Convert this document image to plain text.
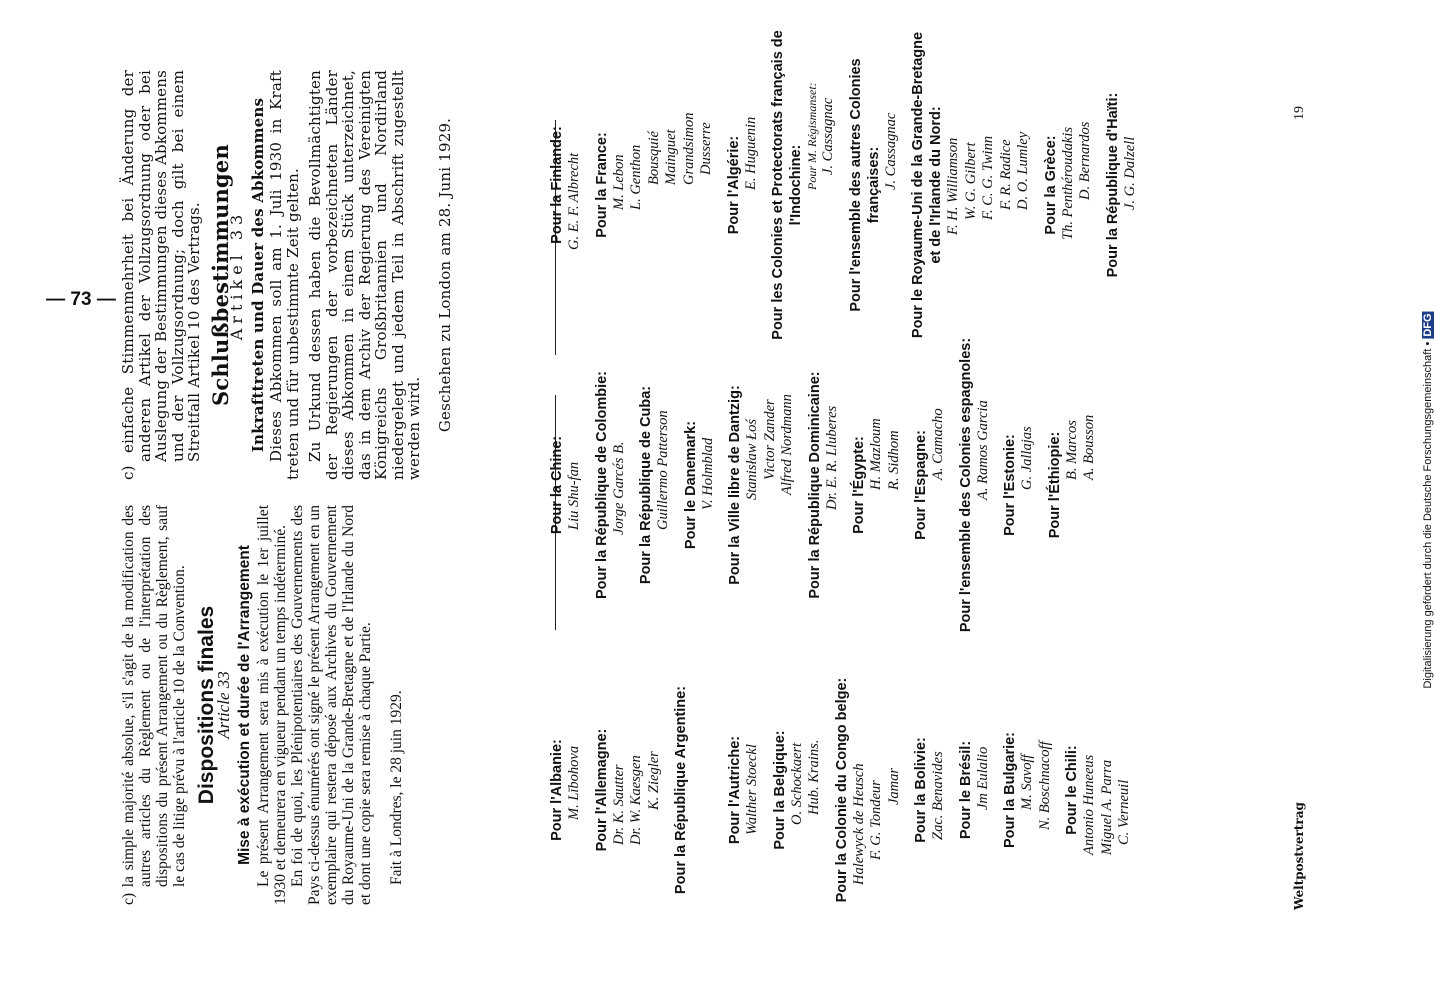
— 73 —

c) la simple majorité absolue, s'il s'agit de la modification des autres articles du Règlement ou de l'interprétation des dispositions du présent Arrangement ou du Règlement, sauf le cas de litige prévu à l'article 10 de la Convention. Dispositions finales
Article 33 Mise à exécution et durée de l'Arrangement Le présent Arrangement sera mis à exécution le 1er juillet 1930 et demeurera en vigueur pendant un temps indéterminé. En foi de quoi, les Plénipotentiaires des Gouvernements des Pays ci-dessus énumérés ont signé le présent Arrangement en un exemplaire qui restera déposé aux Archives du Gouvernement du Royaume-Uni de la Grande-Bretagne et de l'Irlande du Nord et dont une copie sera remise à chaque Partie. Fait à Londres, le 28 juin 1929.

c) einfache Stimmenmehrheit bei Änderung der anderen Artikel der Vollzugsordnung oder bei Auslegung der Bestimmungen dieses Abkommens und der Vollzugsordnung; doch gilt bei einem Streitfall Artikel 10 des Vertrags. Schlußbestimmungen
Artikel 33 Inkrafttreten und Dauer des Abkommens Dieses Abkommen soll am 1. Juli 1930 in Kraft treten und für unbestimmte Zeit gelten. Zu Urkund dessen haben die Bevollmächtigten der Regierungen der vorbezeichneten Länder dieses Abkommen in einem Stück unterzeichnet, das in dem Archiv der Regierung des Vereinigten Königreichs Großbritannien und Nordirland niedergelegt und jedem Teil in Abschrift zugestellt werden wird. Geschehen zu London am 28. Juni 1929.

Pour l'Albanie: M. Lībohova Pour l'Allemagne: Dr. K. Sautter Dr. W. Kaesgen K. Ziegler Pour la République Argentine:	Pour l'Autriche: Walther Stoeckl Pour la Belgique: O. Schockaert Hub. Krains. Pour la Colonie du Congo belge: Halewyck de Heusch F. G. Tondeur Jamar Pour la Bolivie: Zac. Benavides Pour le Brésil: Jm Eulalio Pour la Bulgarie: M. Savoff N. Boschnacoff Pour le Chili: Antonio Huneeus Miguel A. Parra C. Verneuil
Pour la Chine: Liu Shu-fan Pour la République de Colombie: Jorge Garcés B. Pour la République de Cuba: Guillermo Patterson Pour le Danemark: V. Holmblad Pour la Ville libre de Dantzig: Stanisław Łoś Victor Zander Alfred Nordmann Pour la République Dominicaine: Dr. E. R. Lluberes Pour l'Égypte: H. Mazloum R. Sidhom Pour l'Espagne: A. Camacho Pour l'ensemble des Colonies espagnoles: A. Ramos Garcia Pour l'Estonie: G. Jallajas Pour l'Éthiopie: B. Marcos A. Bousson
Pour la Finlande: G. E. F. Albrecht Pour la France: M. Lebon L. Genthon Bousquié Mainguet Grandsimon Dusserre Pour l'Algérie: E. Huguenin Pour les Colonies et Protectorats français de l'Indochine: Pour M. Régismanset: J. Cassagnac Pour l'ensemble des autres Colonies françaises: J. Cassagnac Pour le Royaume-Uni de la Grande-Bretagne et de l'Irlande du Nord: F. H. Williamson W. G. Gilbert F. C. G. Twinn F. R. Radice D. O. Lumley Pour la Grèce: Th. Penthéroudakis D. Bernardos Pour la République d'Haïti: J. G. Dalzell
Weltpostvertrag
19
Digitalisierung gefördert durch die Deutsche Forschungsgemeinschaft •DFG
